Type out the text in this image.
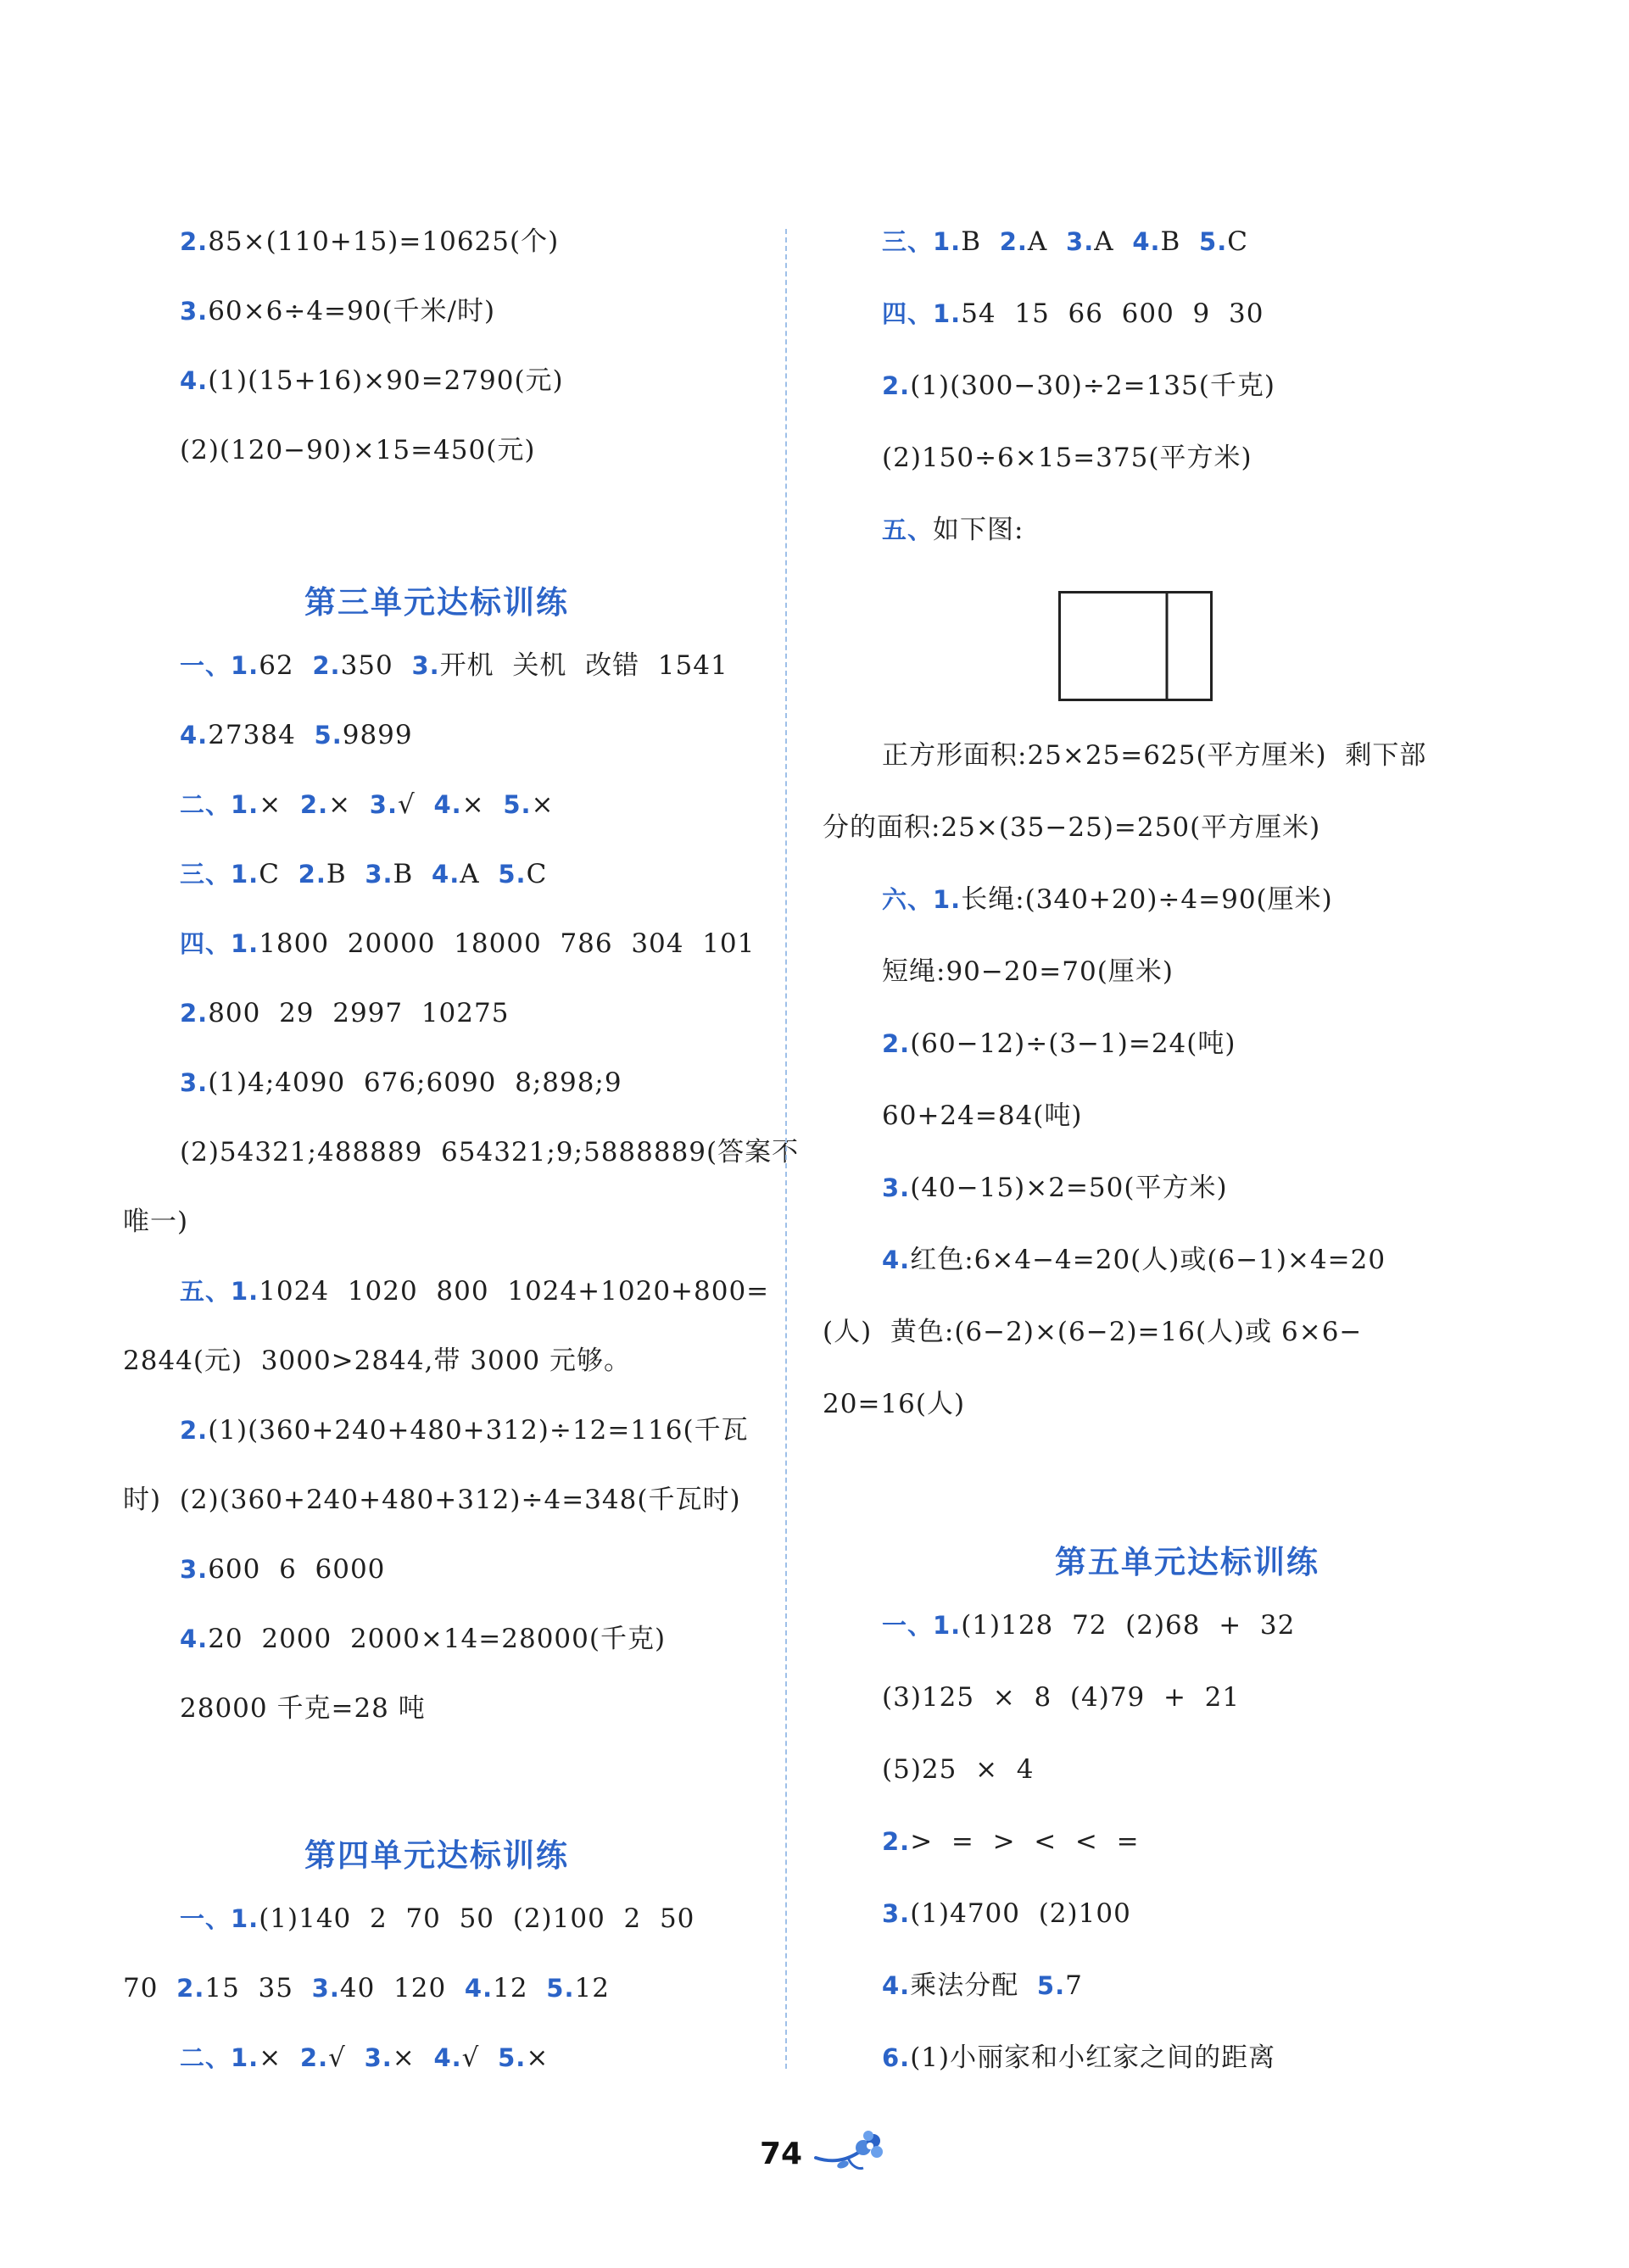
2.85×(110+15)=10625(个)
3.60×6÷4=90(千米/时)
4.(1)(15+16)×90=2790(元)
(2)(120−90)×15=450(元)
第三单元达标训练
一、1.62  2.350  3.开机  关机  改错  1541
4.27384  5.9899
二、1.×  2.×  3.√  4.×  5.×
三、1.C  2.B  3.B  4.A  5.C
四、1.1800  20000  18000  786  304  101
2.800  29  2997  10275
3.(1)4;4090  676;6090  8;898;9
(2)54321;488889  654321;9;5888889(答案不
唯一)
五、1.1024  1020  800  1024+1020+800=
2844(元)  3000>2844,带 3000 元够。
2.(1)(360+240+480+312)÷12=116(千瓦
时)  (2)(360+240+480+312)÷4=348(千瓦时)
3.600  6  6000
4.20  2000  2000×14=28000(千克)
28000 千克=28 吨
第四单元达标训练
一、1.(1)140  2  70  50  (2)100  2  50
70  2.15  35  3.40  120  4.12  5.12
二、1.×  2.√  3.×  4.√  5.×
三、1.B  2.A  3.A  4.B  5.C
四、1.54  15  66  600  9  30
2.(1)(300−30)÷2=135(千克)
(2)150÷6×15=375(平方米)
五、如下图:
正方形面积:25×25=625(平方厘米)  剩下部
分的面积:25×(35−25)=250(平方厘米)
六、1.长绳:(340+20)÷4=90(厘米)
短绳:90−20=70(厘米)
2.(60−12)÷(3−1)=24(吨)
60+24=84(吨)
3.(40−15)×2=50(平方米)
4.红色:6×4−4=20(人)或(6−1)×4=20
(人)  黄色:(6−2)×(6−2)=16(人)或 6×6−
20=16(人)
第五单元达标训练
一、1.(1)128  72  (2)68  +  32
(3)125  ×  8  (4)79  +  21
(5)25  ×  4
2.>  =  >  <  <  =
3.(1)4700  (2)100
4.乘法分配  5.7
6.(1)小丽家和小红家之间的距离
74
